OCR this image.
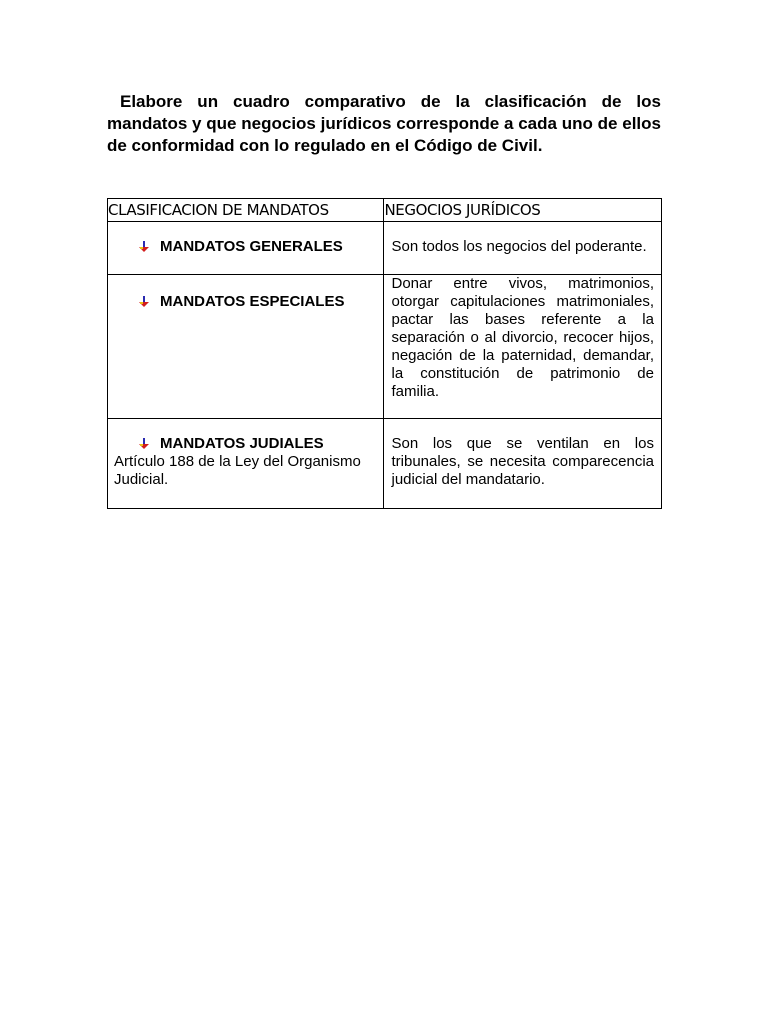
Elabore un cuadro comparativo de la clasificación de los mandatos y que negocios jurídicos corresponde a cada uno de ellos de conformidad con lo regulado en el Código de Civil.

CLASIFICACION DE MANDATOS	NEGOCIOS JURÍDICOS

MANDATOS GENERALES	Son todos los negocios del poderante.

MANDATOS ESPECIALES	Donar entre vivos, matrimonios, otorgar capitulaciones matrimoniales, pactar las bases referente a la separación o al divorcio, recocer hijos, negación de la paternidad, demandar, la constitución de patrimonio de familia.

MANDATOS JUDIALES
Artículo 188 de la Ley del Organismo Judicial.	Son los que se ventilan en los tribunales, se necesita comparecencia judicial del mandatario.
